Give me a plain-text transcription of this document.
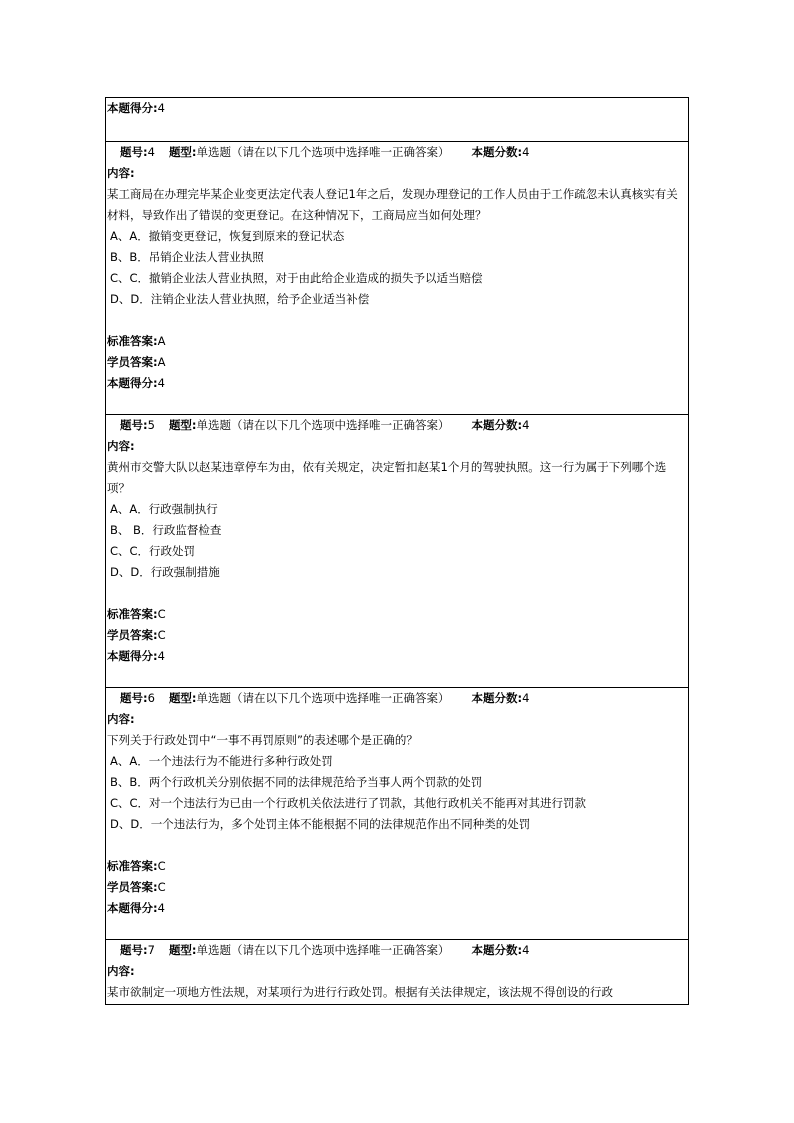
本题得分:4
题号:4 题型:单选题（请在以下几个选项中选择唯一正确答案） 本题分数:4
内容:
某工商局在办理完毕某企业变更法定代表人登记1年之后，发现办理登记的工作人员由于工作疏忽未认真核实有关材料，导致作出了错误的变更登记。在这种情况下，工商局应当如何处理？
A、A．撤销变更登记，恢复到原来的登记状态
B、B．吊销企业法人营业执照
C、C．撤销企业法人营业执照，对于由此给企业造成的损失予以适当赔偿
D、D．注销企业法人营业执照，给予企业适当补偿
标准答案:A
学员答案:A
本题得分:4
题号:5 题型:单选题（请在以下几个选项中选择唯一正确答案） 本题分数:4
内容:
黄州市交警大队以赵某违章停车为由，依有关规定，决定暂扣赵某1个月的驾驶执照。这一行为属于下列哪个选项？
A、A．行政强制执行
B、 B．行政监督检查
C、C．行政处罚
D、D．行政强制措施
标准答案:C
学员答案:C
本题得分:4
题号:6 题型:单选题（请在以下几个选项中选择唯一正确答案） 本题分数:4
内容:
下列关于行政处罚中“一事不再罚原则”的表述哪个是正确的？
A、A．一个违法行为不能进行多种行政处罚
B、B．两个行政机关分别依据不同的法律规范给予当事人两个罚款的处罚
C、C．对一个违法行为已由一个行政机关依法进行了罚款，其他行政机关不能再对其进行罚款
D、D．一个违法行为，多个处罚主体不能根据不同的法律规范作出不同种类的处罚
标准答案:C
学员答案:C
本题得分:4
题号:7 题型:单选题（请在以下几个选项中选择唯一正确答案） 本题分数:4
内容:
某市欲制定一项地方性法规，对某项行为进行行政处罚。根据有关法律规定，该法规不得创设的行政
